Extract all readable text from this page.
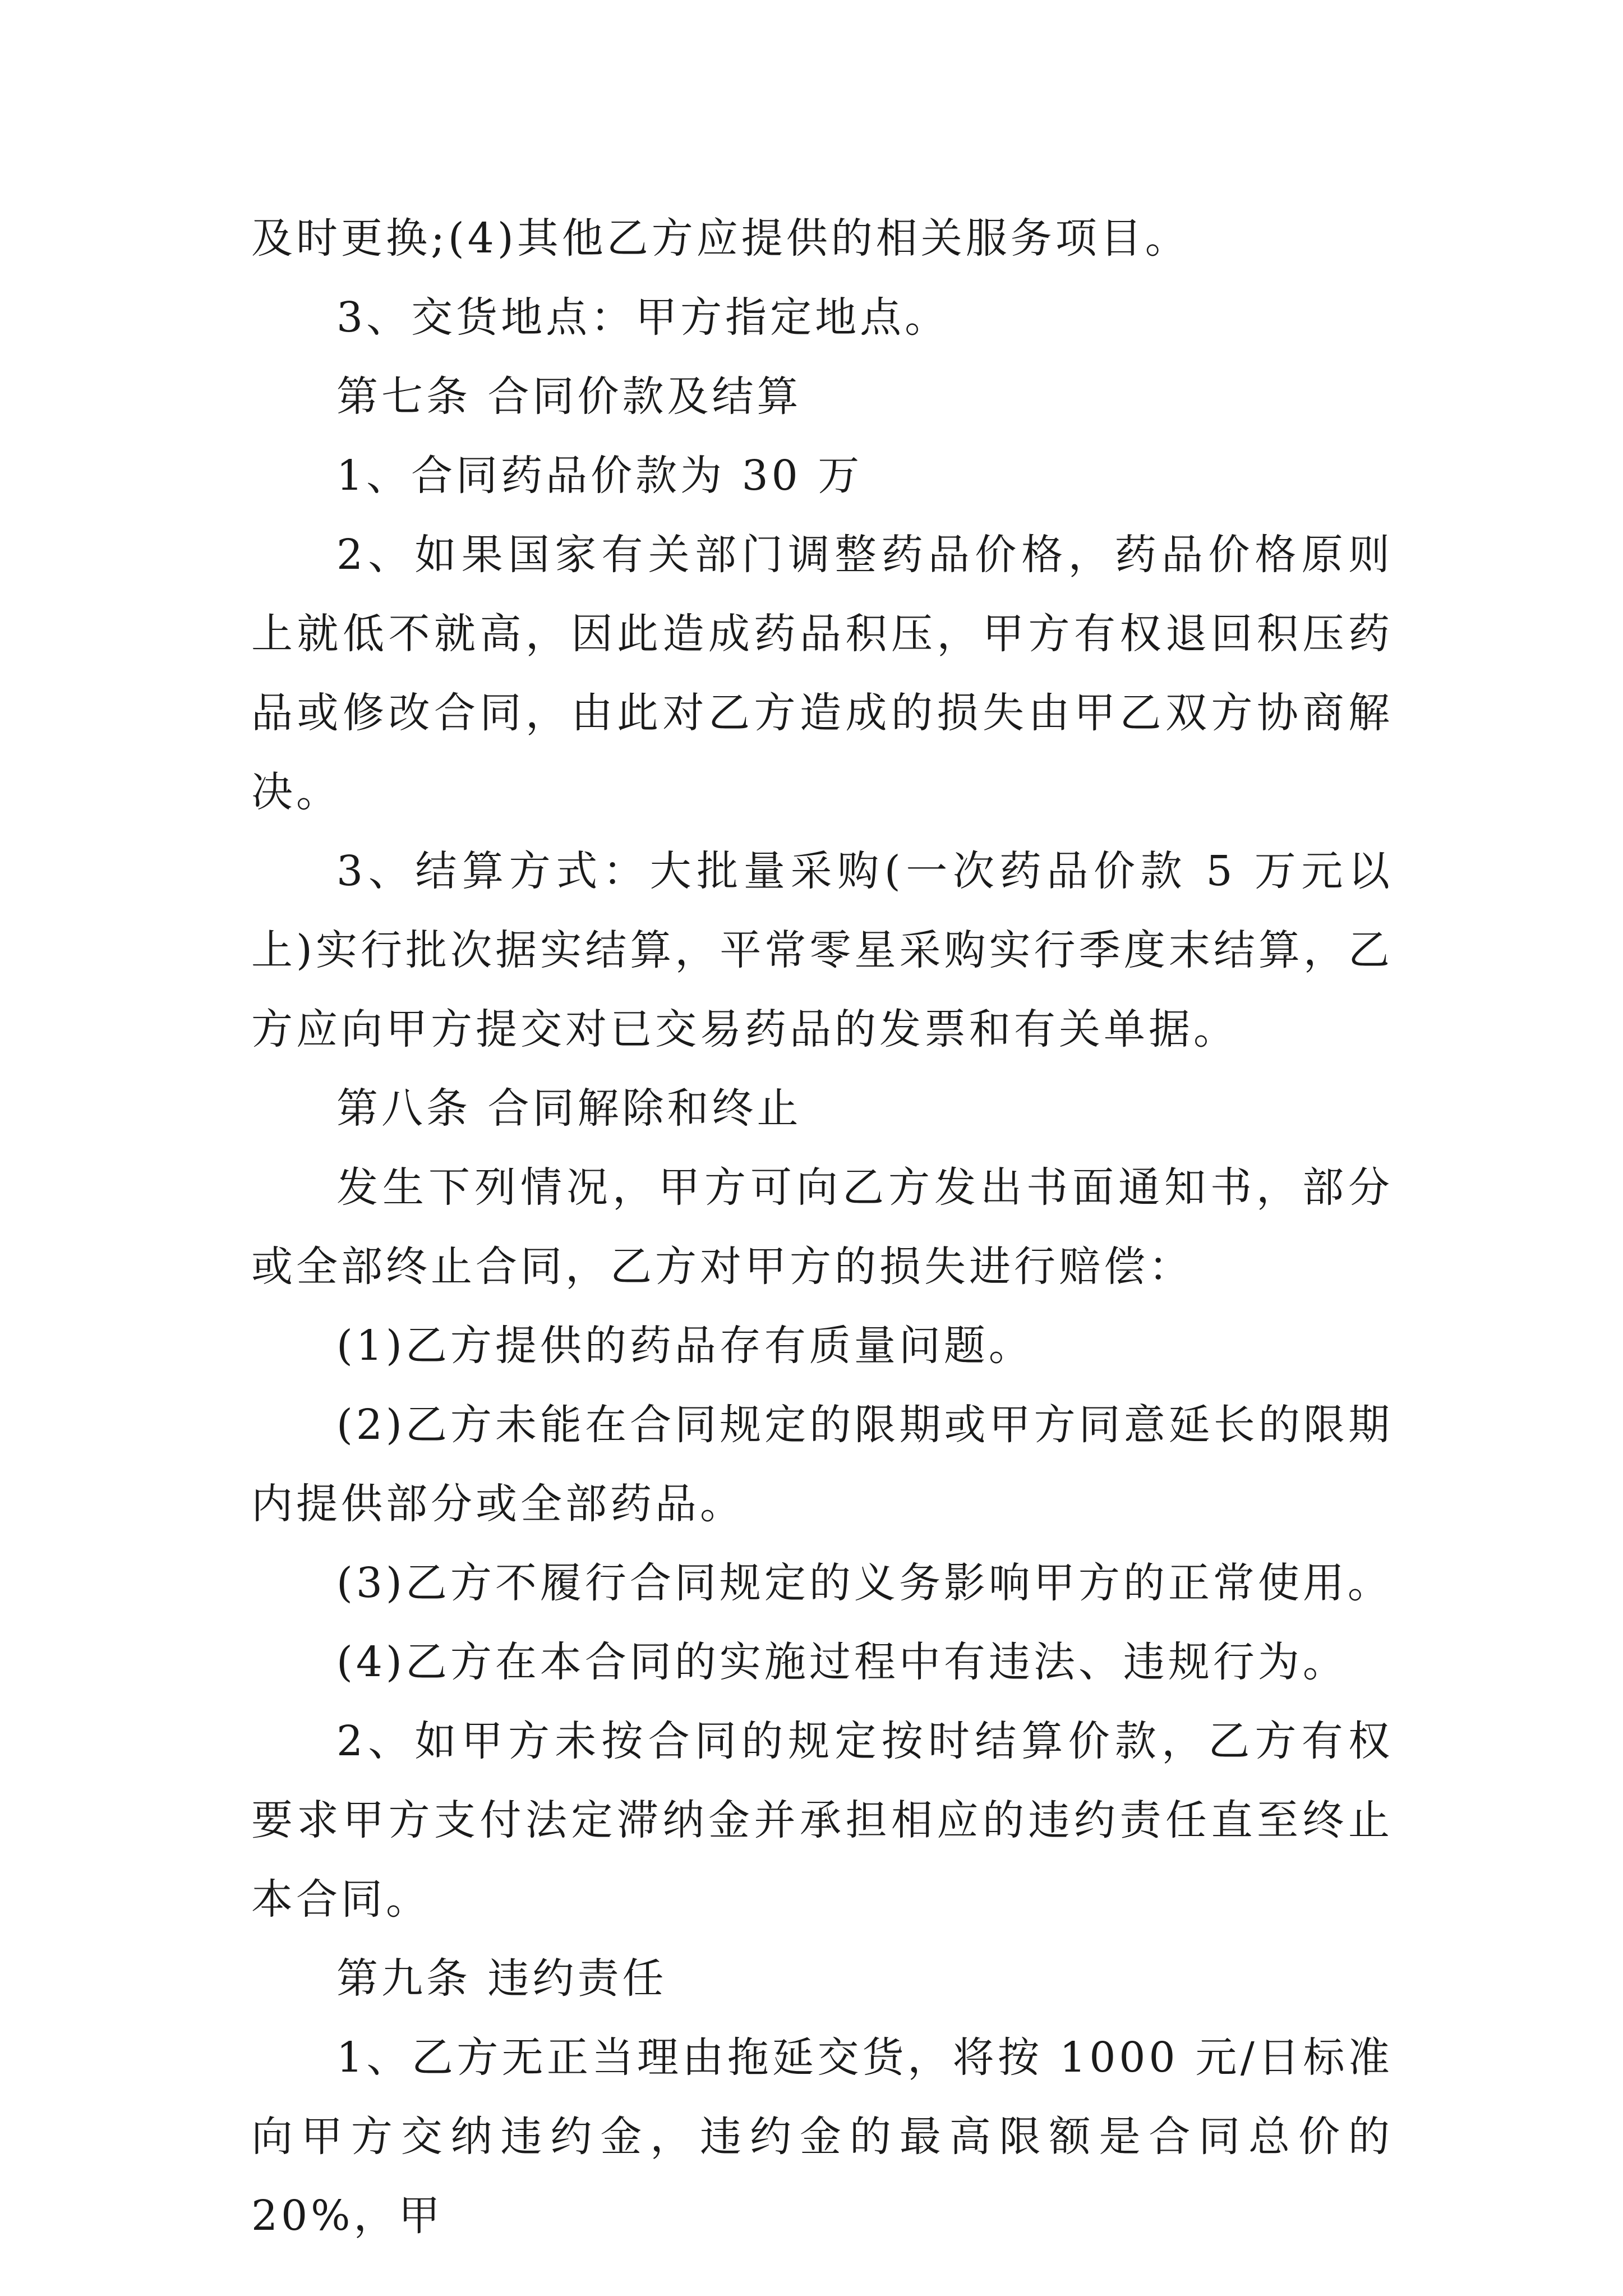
及时更换;(4)其他乙方应提供的相关服务项目。

3、交货地点：甲方指定地点。

第七条 合同价款及结算

1、合同药品价款为 30 万

2、如果国家有关部门调整药品价格，药品价格原则上就低不就高，因此造成药品积压，甲方有权退回积压药品或修改合同，由此对乙方造成的损失由甲乙双方协商解决。

3、结算方式：大批量采购(一次药品价款 5 万元以上)实行批次据实结算，平常零星采购实行季度末结算，乙方应向甲方提交对已交易药品的发票和有关单据。

第八条 合同解除和终止

发生下列情况，甲方可向乙方发出书面通知书，部分或全部终止合同，乙方对甲方的损失进行赔偿：

(1)乙方提供的药品存有质量问题。

(2)乙方未能在合同规定的限期或甲方同意延长的限期内提供部分或全部药品。

(3)乙方不履行合同规定的义务影响甲方的正常使用。

(4)乙方在本合同的实施过程中有违法、违规行为。

2、如甲方未按合同的规定按时结算价款，乙方有权要求甲方支付法定滞纳金并承担相应的违约责任直至终止本合同。

第九条 违约责任

1、乙方无正当理由拖延交货，将按 1000 元/日标准向甲方交纳违约金，违约金的最高限额是合同总价的 20%，甲
